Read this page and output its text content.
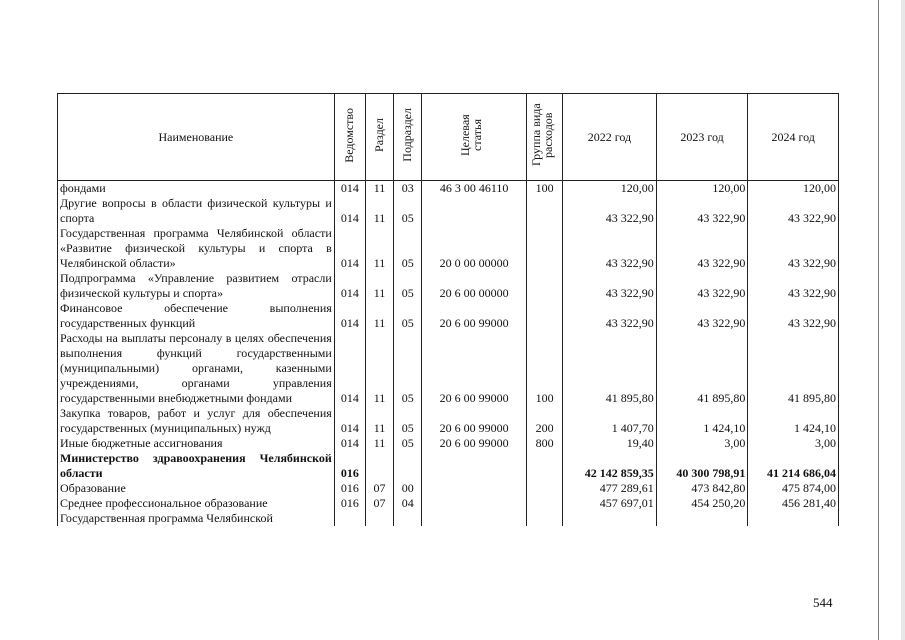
Наименование	Ведомство	Раздел	Подраздел	Целевая статья	Группа вида расходов	2022 год	2023 год	2024 год
фондами	014	11	03	46 3 00 46110	100	120,00	120,00	120,00
Другие вопросы в области физической культуры и спорта	014	11	05			43 322,90	43 322,90	43 322,90
Государственная программа Челябинской области «Развитие физической культуры и спорта в Челябинской области»	014	11	05	20 0 00 00000		43 322,90	43 322,90	43 322,90
Подпрограмма «Управление развитием отрасли физической культуры и спорта»	014	11	05	20 6 00 00000		43 322,90	43 322,90	43 322,90
Финансовое обеспечение выполнения государственных функций	014	11	05	20 6 00 99000		43 322,90	43 322,90	43 322,90
Расходы на выплаты персоналу в целях обеспечения выполнения функций государственными (муниципальными) органами, казенными учреждениями, органами управления государственными внебюджетными фондами	014	11	05	20 6 00 99000	100	41 895,80	41 895,80	41 895,80
Закупка товаров, работ и услуг для обеспечения государственных (муниципальных) нужд	014	11	05	20 6 00 99000	200	1 407,70	1 424,10	1 424,10
Иные бюджетные ассигнования	014	11	05	20 6 00 99000	800	19,40	3,00	3,00
Министерство здравоохранения Челябинской области	016					42 142 859,35	40 300 798,91	41 214 686,04
Образование	016	07	00			477 289,61	473 842,80	475 874,00
Среднее профессиональное образование	016	07	04			457 697,01	454 250,20	456 281,40
Государственная программа Челябинской								
544
